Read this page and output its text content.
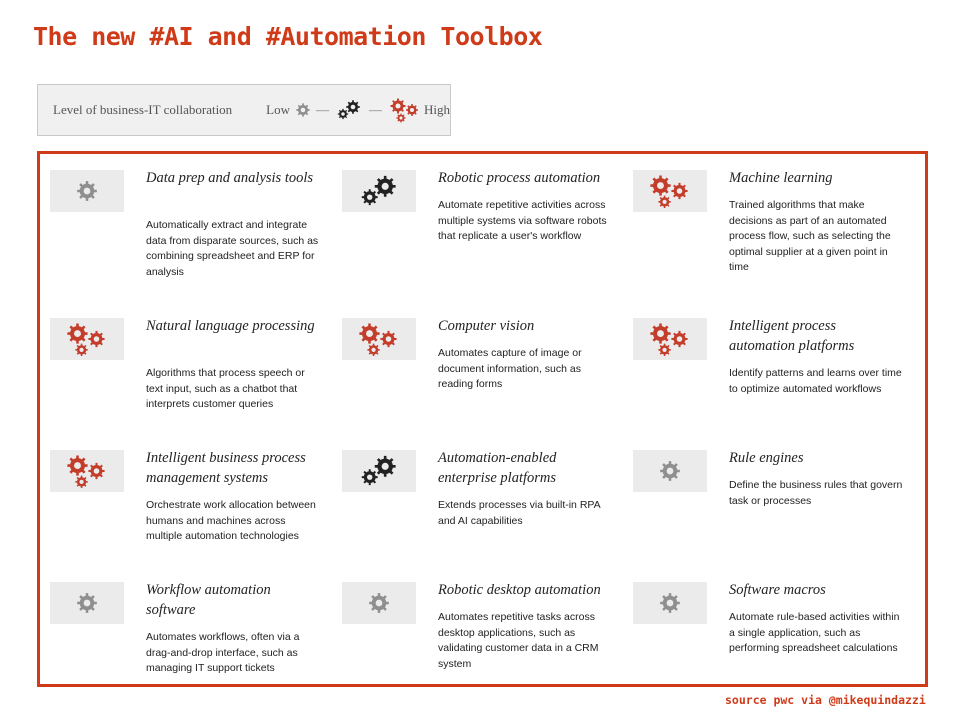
The new #AI and #Automation Toolbox
Level of business-IT collaboration	Low —	—	High
Data prep and analysis tools
Automatically extract and integrate data from disparate sources, such as combining spreadsheet and ERP for analysis
Robotic process automation
Automate repetitive activities across multiple systems via software robots that replicate a user's workflow
Machine learning
Trained algorithms that make decisions as part of an automated process flow, such as selecting the optimal supplier at a given point in time
Natural language processing
Algorithms that process speech or text input, such as a chatbot that interprets customer queries
Computer vision
Automates capture of image or document information, such as reading forms
Intelligent process automation platforms
Identify patterns and learns over time to optimize automated workflows
Intelligent business process management systems
Orchestrate work allocation between humans and machines across multiple automation technologies
Automation-enabled enterprise platforms
Extends processes via built-in RPA and AI capabilities
Rule engines
Define the business rules that govern task or processes
Workflow automation software
Automates workflows, often via a drag-and-drop interface, such as managing IT support tickets
Robotic desktop automation
Automates repetitive tasks across desktop applications, such as validating customer data in a CRM system
Software macros
Automate rule-based activities within a single application, such as performing spreadsheet calculations
source pwc via @mikequindazzi
